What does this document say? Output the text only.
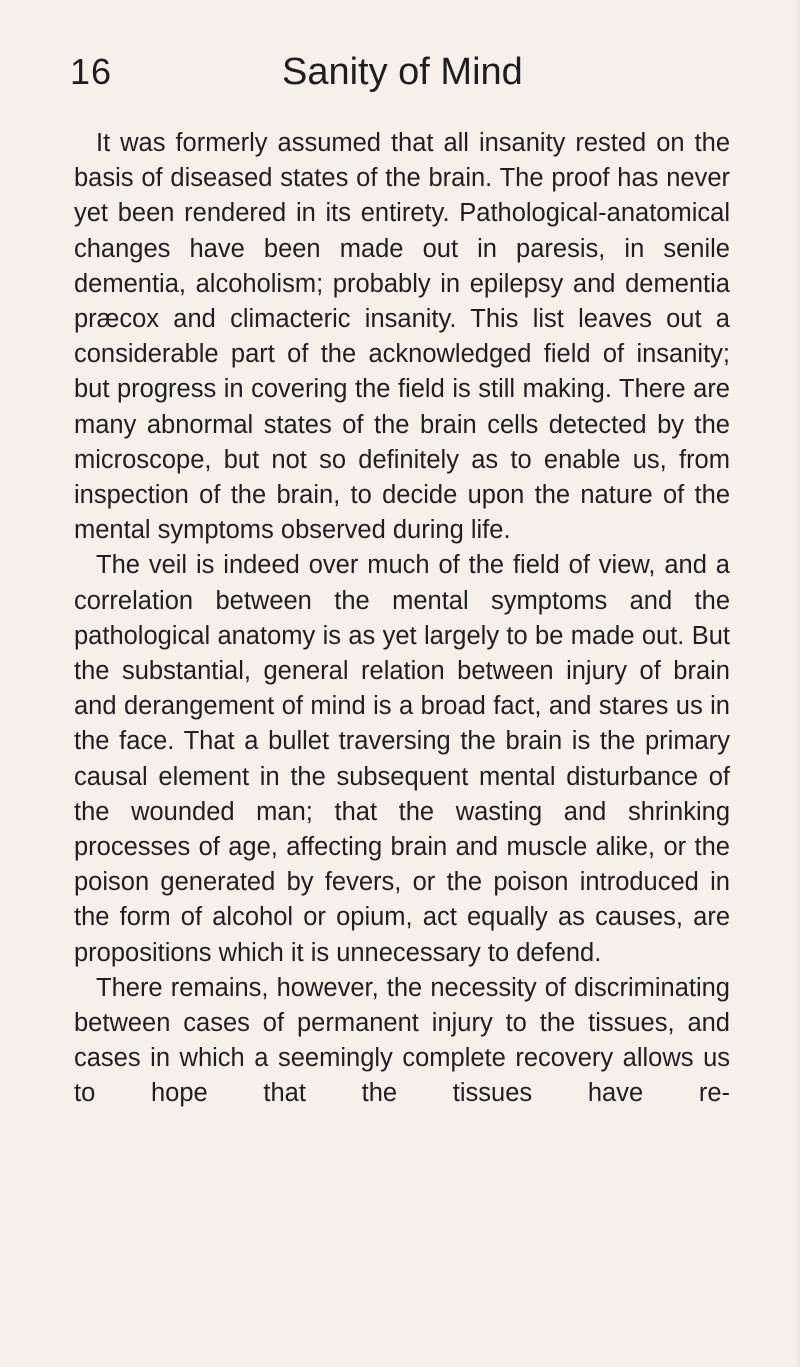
16	Sanity of Mind

It was formerly assumed that all insanity rested on the basis of diseased states of the brain. The proof has never yet been rendered in its entirety. Pathological-anatomical changes have been made out in paresis, in senile dementia, alcoholism; probably in epilepsy and dementia præcox and climacteric insanity. This list leaves out a considerable part of the acknowledged field of insanity; but progress in covering the field is still making. There are many abnormal states of the brain cells detected by the microscope, but not so definitely as to enable us, from inspection of the brain, to decide upon the nature of the mental symptoms observed during life.

The veil is indeed over much of the field of view, and a correlation between the mental symptoms and the pathological anatomy is as yet largely to be made out. But the substantial, general relation between injury of brain and derangement of mind is a broad fact, and stares us in the face. That a bullet traversing the brain is the primary causal element in the subsequent mental disturbance of the wounded man; that the wasting and shrinking processes of age, affecting brain and muscle alike, or the poison generated by fevers, or the poison introduced in the form of alcohol or opium, act equally as causes, are propositions which it is unnecessary to defend.

There remains, however, the necessity of discriminating between cases of permanent injury to the tissues, and cases in which a seemingly complete recovery allows us to hope that the tissues have re-
